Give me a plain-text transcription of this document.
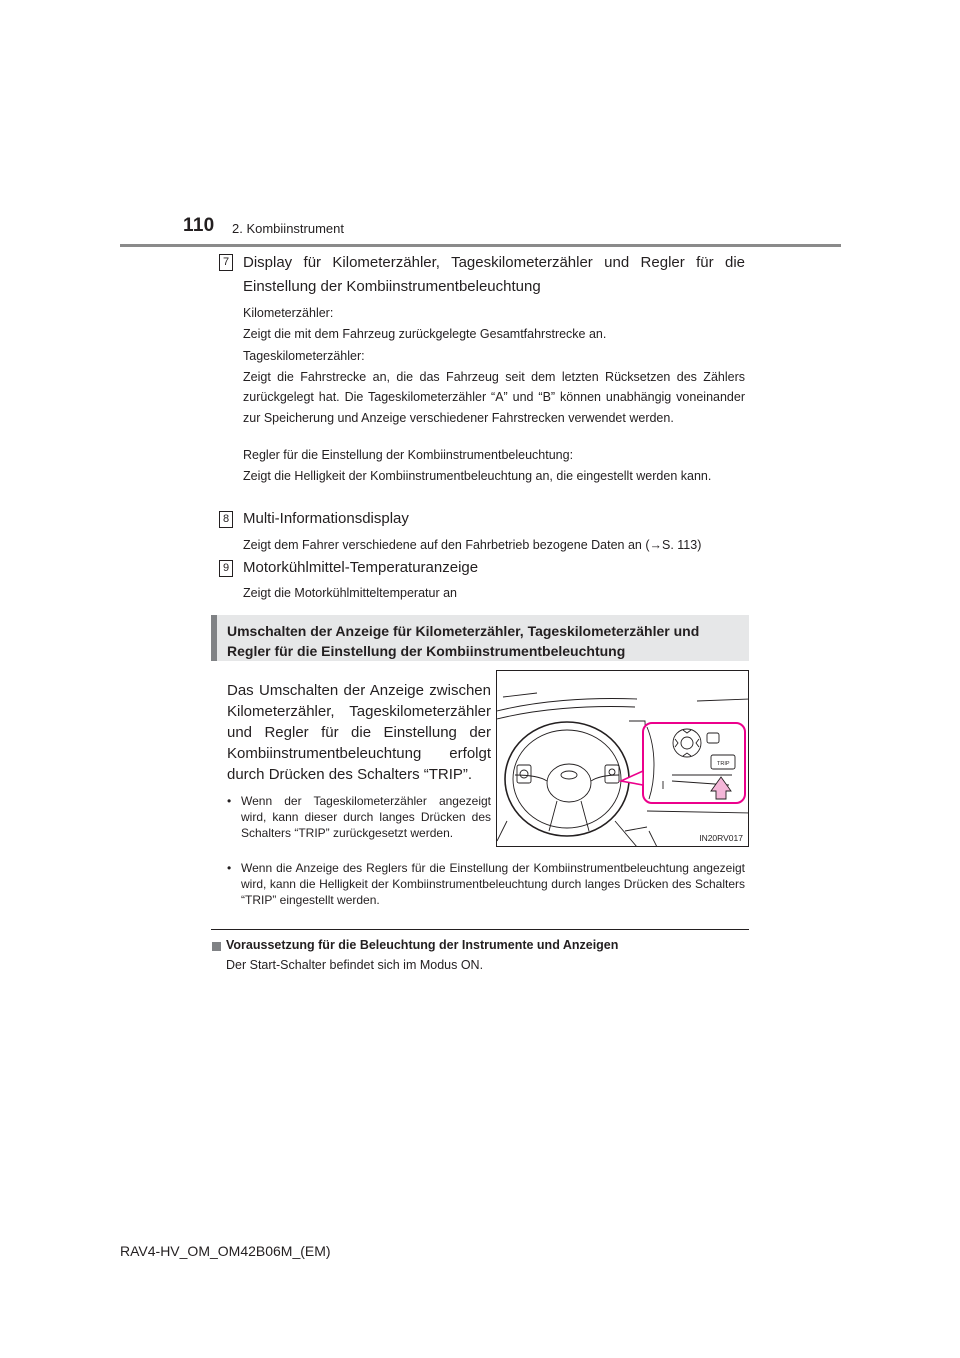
110 2. Kombiinstrument
7 Display für Kilometerzähler, Tageskilometerzähler und Regler für die Einstellung der Kombiinstrumentbeleuchtung
Kilometerzähler:
Zeigt die mit dem Fahrzeug zurückgelegte Gesamtfahrstrecke an.
Tageskilometerzähler:
Zeigt die Fahrstrecke an, die das Fahrzeug seit dem letzten Rücksetzen des Zählers zurückgelegt hat. Die Tageskilometerzähler “A” und “B” können unabhängig voneinander zur Speicherung und Anzeige verschiedener Fahrstrecken verwendet werden.
Regler für die Einstellung der Kombiinstrumentbeleuchtung:
Zeigt die Helligkeit der Kombiinstrumentbeleuchtung an, die eingestellt werden kann.
8 Multi-Informationsdisplay
Zeigt dem Fahrer verschiedene auf den Fahrbetrieb bezogene Daten an (→S. 113)
9 Motorkühlmittel-Temperaturanzeige
Zeigt die Motorkühlmitteltemperatur an
Umschalten der Anzeige für Kilometerzähler, Tageskilometerzähler und Regler für die Einstellung der Kombiinstrumentbeleuchtung
Das Umschalten der Anzeige zwischen Kilometerzähler, Tageskilometerzähler und Regler für die Einstellung der Kombiinstrumentbeleuchtung erfolgt durch Drücken des Schalters “TRIP”.
• Wenn der Tageskilometerzähler angezeigt wird, kann dieser durch langes Drücken des Schalters “TRIP” zurückgesetzt werden.
• Wenn die Anzeige des Reglers für die Einstellung der Kombiinstrumentbeleuchtung angezeigt wird, kann die Helligkeit der Kombiinstrumentbeleuchtung durch langes Drücken des Schalters “TRIP” eingestellt werden.
TRIP
IN20RV017
Voraussetzung für die Beleuchtung der Instrumente und Anzeigen
Der Start-Schalter befindet sich im Modus ON.
RAV4-HV_OM_OM42B06M_(EM)
